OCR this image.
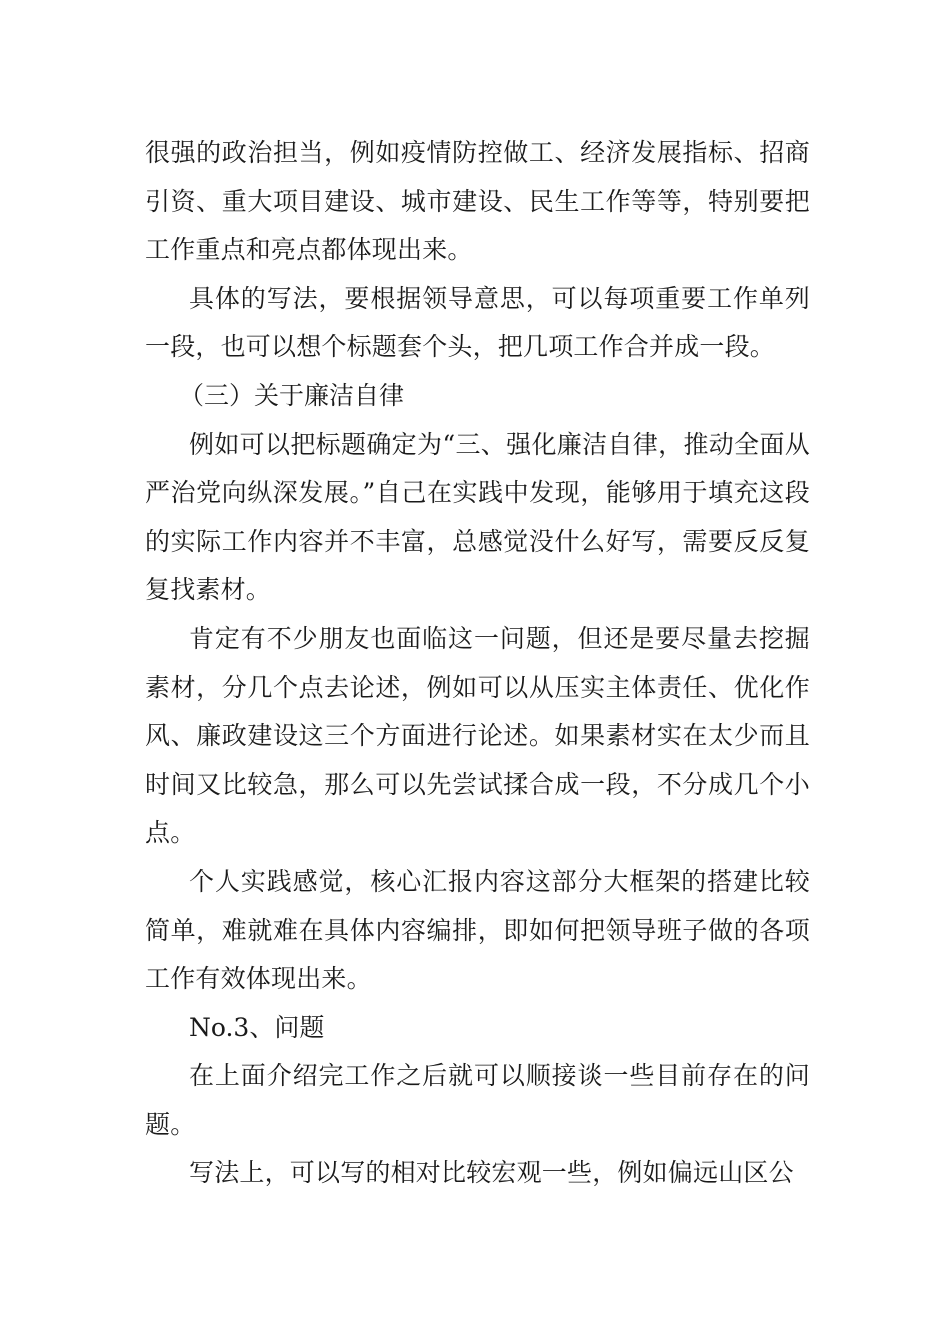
很强的政治担当，例如疫情防控做工、经济发展指标、招商引资、重大项目建设、城市建设、民生工作等等，特别要把工作重点和亮点都体现出来。

具体的写法，要根据领导意思，可以每项重要工作单列一段，也可以想个标题套个头，把几项工作合并成一段。

（三）关于廉洁自律

例如可以把标题确定为“三、强化廉洁自律，推动全面从严治党向纵深发展。”自己在实践中发现，能够用于填充这段的实际工作内容并不丰富，总感觉没什么好写，需要反反复复找素材。

肯定有不少朋友也面临这一问题，但还是要尽量去挖掘素材，分几个点去论述，例如可以从压实主体责任、优化作风、廉政建设这三个方面进行论述。如果素材实在太少而且时间又比较急，那么可以先尝试揉合成一段，不分成几个小点。

个人实践感觉，核心汇报内容这部分大框架的搭建比较简单，难就难在具体内容编排，即如何把领导班子做的各项工作有效体现出来。

No.3、问题

在上面介绍完工作之后就可以顺接谈一些目前存在的问题。

写法上，可以写的相对比较宏观一些，例如偏远山区公
